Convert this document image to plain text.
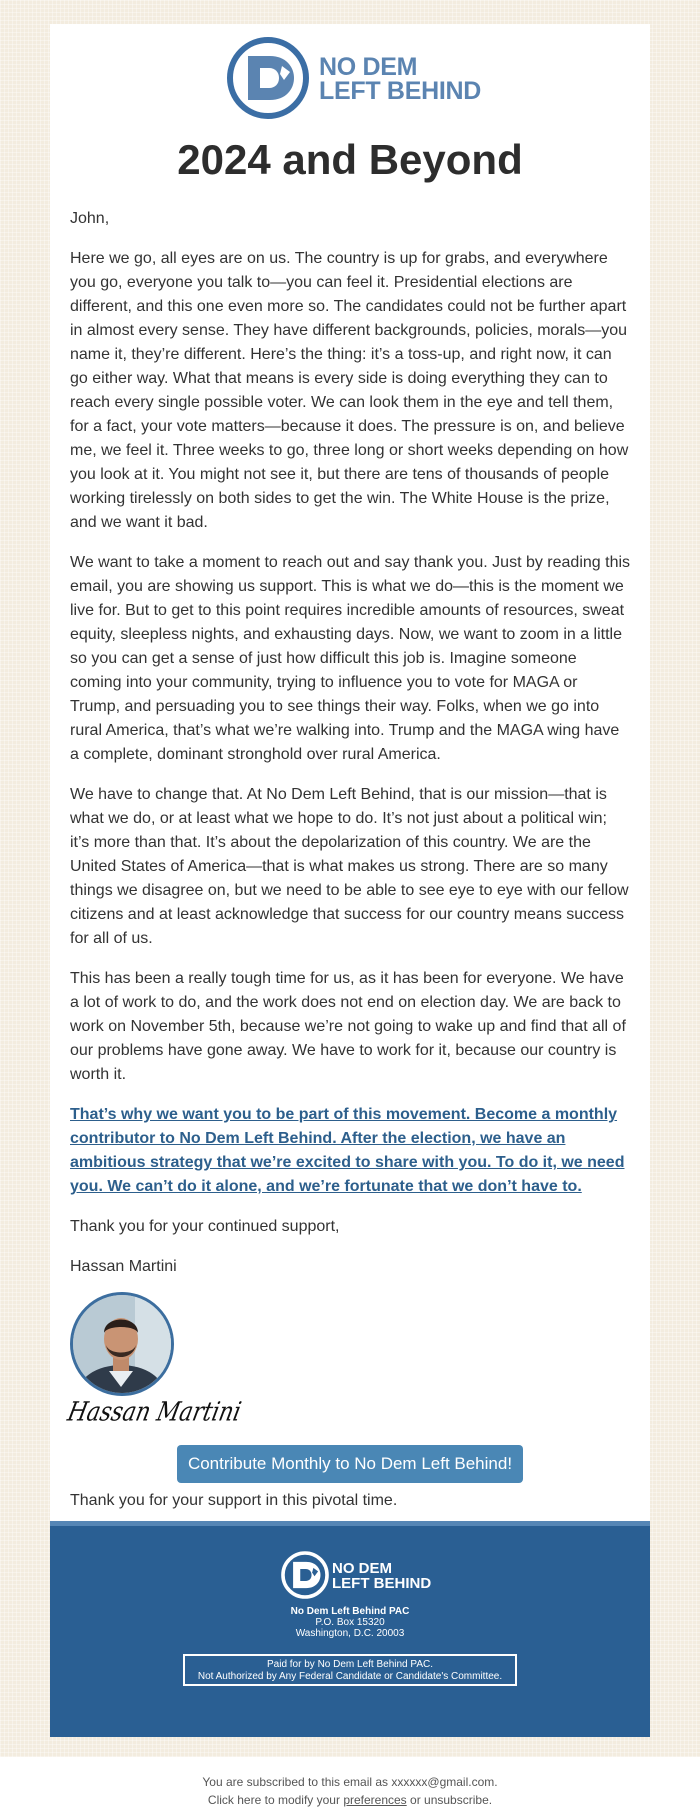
NO DEM
LEFT BEHIND
2024 and Beyond

John,

Here we go, all eyes are on us. The country is up for grabs, and everywhere you go, everyone you talk to—you can feel it. Presidential elections are different, and this one even more so. The candidates could not be further apart in almost every sense. They have different backgrounds, policies, morals—you name it, they’re different. Here’s the thing: it’s a toss-up, and right now, it can go either way. What that means is every side is doing everything they can to reach every single possible voter. We can look them in the eye and tell them, for a fact, your vote matters—because it does. The pressure is on, and believe me, we feel it. Three weeks to go, three long or short weeks depending on how you look at it. You might not see it, but there are tens of thousands of people working tirelessly on both sides to get the win. The White House is the prize, and we want it bad.

We want to take a moment to reach out and say thank you. Just by reading this email, you are showing us support. This is what we do—this is the moment we live for. But to get to this point requires incredible amounts of resources, sweat equity, sleepless nights, and exhausting days. Now, we want to zoom in a little so you can get a sense of just how difficult this job is. Imagine someone coming into your community, trying to influence you to vote for MAGA or Trump, and persuading you to see things their way. Folks, when we go into rural America, that’s what we’re walking into. Trump and the MAGA wing have a complete, dominant stronghold over rural America.

We have to change that. At No Dem Left Behind, that is our mission—that is what we do, or at least what we hope to do. It’s not just about a political win; it’s more than that. It’s about the depolarization of this country. We are the United States of America—that is what makes us strong. There are so many things we disagree on, but we need to be able to see eye to eye with our fellow citizens and at least acknowledge that success for our country means success for all of us.

This has been a really tough time for us, as it has been for everyone. We have a lot of work to do, and the work does not end on election day. We are back to work on November 5th, because we’re not going to wake up and find that all of our problems have gone away. We have to work for it, because our country is worth it.

That’s why we want you to be part of this movement. Become a monthly contributor to No Dem Left Behind. After the election, we have an ambitious strategy that we’re excited to share with you. To do it, we need you. We can’t do it alone, and we’re fortunate that we don’t have to.

Thank you for your continued support,

Hassan Martini

Hassan Martini
Contribute Monthly to No Dem Left Behind!
Thank you for your support in this pivotal time.
NO DEM
LEFT BEHIND
No Dem Left Behind PAC
P.O. Box 15320
Washington, D.C. 20003
Paid for by No Dem Left Behind PAC.
Not Authorized by Any Federal Candidate or Candidate's Committee.
You are subscribed to this email as xxxxxx@gmail.com.
Click here to modify your preferences or unsubscribe.
